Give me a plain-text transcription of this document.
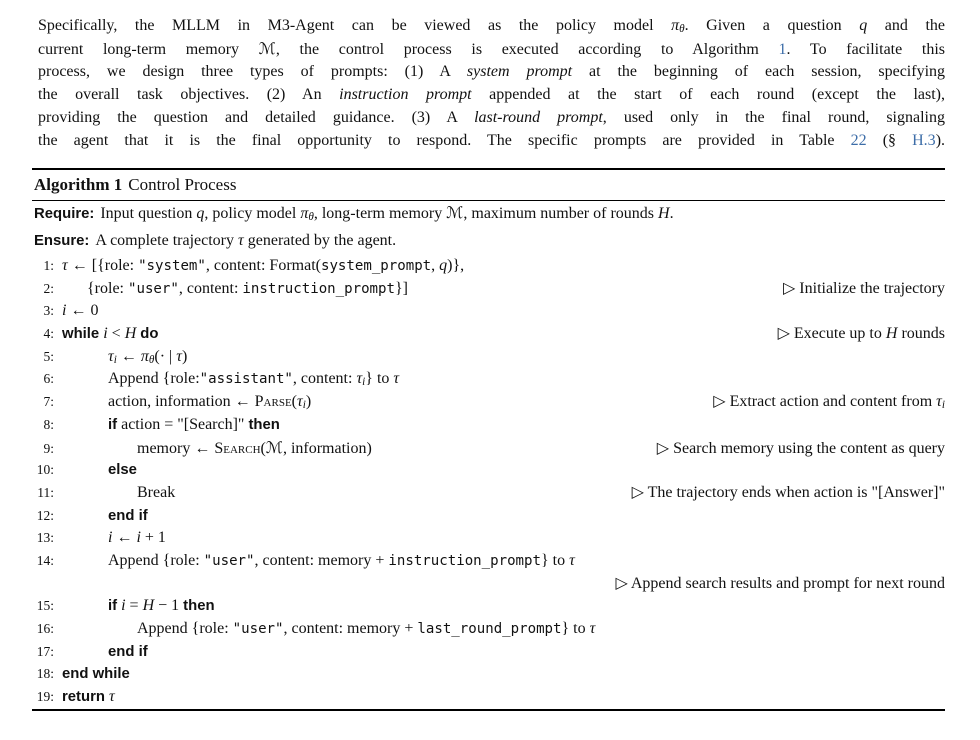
Specifically, the MLLM in M3-Agent can be viewed as the policy model πθ. Given a question q and the
current long-term memory ℳ, the control process is executed according to Algorithm 1. To facilitate this
process, we design three types of prompts: (1) A system prompt at the beginning of each session, specifying
the overall task objectives. (2) An instruction prompt appended at the start of each round (except the last),
providing the question and detailed guidance. (3) A last-round prompt, used only in the final round, signaling
the agent that it is the final opportunity to respond. The specific prompts are provided in Table 22 (§ H.3).
Algorithm 1 Control Process
Require: Input question q, policy model πθ, long-term memory ℳ, maximum number of rounds H.
Ensure: A complete trajectory τ generated by the agent.
1: τ ← [{role: "system", content: Format(system_prompt, q)},
2: {role: "user", content: instruction_prompt}]	▷ Initialize the trajectory
3: i ← 0
4: while i < H do	▷ Execute up to H rounds
5:	τi ← πθ(· | τ)
6:	Append {role:"assistant", content: τi} to τ
7:	action, information ← Parse(τi)	▷ Extract action and content from τi
8:	if action = "[Search]" then
9:	memory ← Search(ℳ, information)	▷ Search memory using the content as query
10:	else
11:	Break	▷ The trajectory ends when action is "[Answer]"
12:	end if
13:	i ← i + 1
14:	Append {role: "user", content: memory + instruction_prompt} to τ
▷ Append search results and prompt for next round
15:	if i = H − 1 then
16:	Append {role: "user", content: memory + last_round_prompt} to τ
17:	end if
18: end while
19: return τ
